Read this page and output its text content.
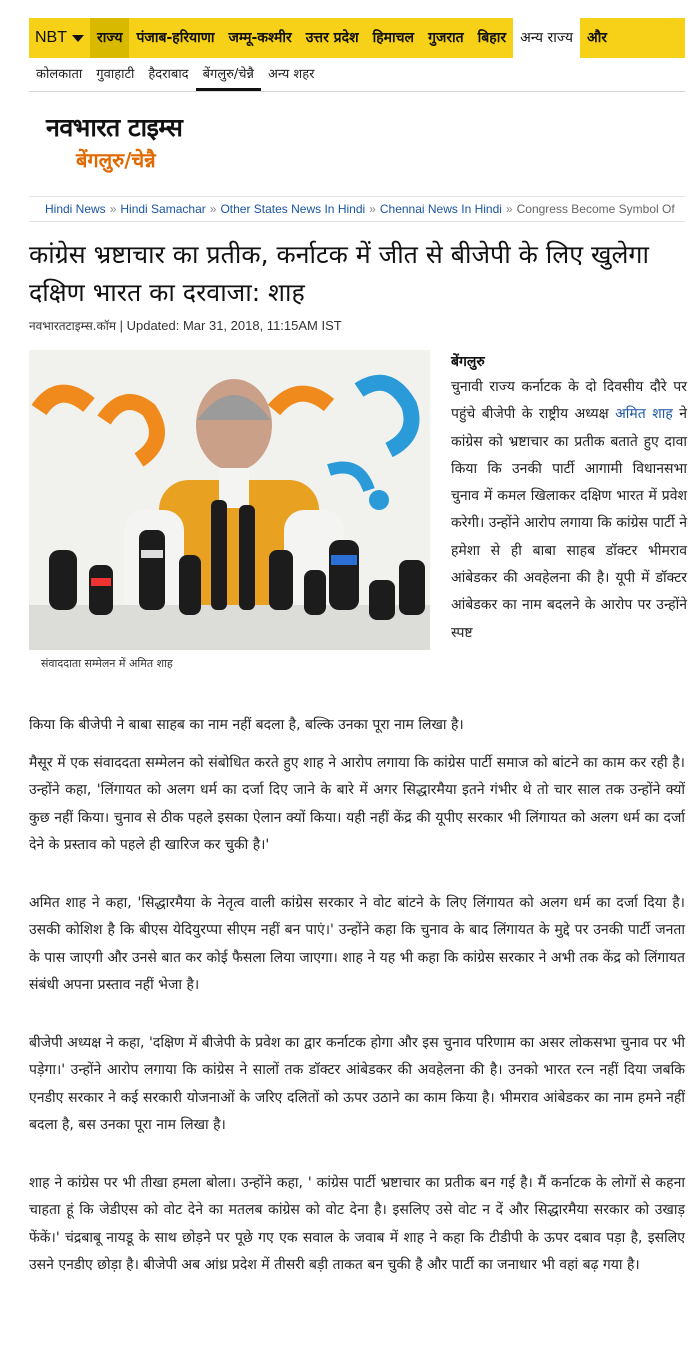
NBT	राज्य	पंजाब-हरियाणा	जम्मू-कश्मीर	उत्तर प्रदेश	हिमाचल	गुजरात	बिहार	अन्य राज्य	और
कोलकाता	गुवाहाटी	हैदराबाद	बेंगलुरु/चेन्नै	अन्य शहर
नवभारत टाइम्स
बेंगलुरु/चेन्नै
Hindi News » Hindi Samachar » Other States News In Hindi » Chennai News In Hindi » Congress Become Symbol Of
कांग्रेस भ्रष्टाचार का प्रतीक, कर्नाटक में जीत से बीजेपी के लिए खुलेगा दक्षिण भारत का दरवाजा: शाह
नवभारतटाइम्स.कॉम | Updated: Mar 31, 2018, 11:15AM IST
संवाददाता सम्मेलन में अमित शाह
बेंगलुरु
चुनावी राज्य कर्नाटक के दो दिवसीय दौरे पर पहुंचे बीजेपी के राष्ट्रीय अध्यक्ष अमित शाह ने कांग्रेस को भ्रष्टाचार का प्रतीक बताते हुए दावा किया कि उनकी पार्टी आगामी विधानसभा चुनाव में कमल खिलाकर दक्षिण भारत में प्रवेश करेगी। उन्होंने आरोप लगाया कि कांग्रेस पार्टी ने हमेशा से ही बाबा साहब डॉक्टर भीमराव आंबेडकर की अवहेलना की है। यूपी में डॉक्टर आंबेडकर का नाम बदलने के आरोप पर उन्होंने स्पष्ट
किया कि बीजेपी ने बाबा साहब का नाम नहीं बदला है, बल्कि उनका पूरा नाम लिखा है।

मैसूर में एक संवाददता सम्मेलन को संबोधित करते हुए शाह ने आरोप लगाया कि कांग्रेस पार्टी समाज को बांटने का काम कर रही है। उन्होंने कहा, 'लिंगायत को अलग धर्म का दर्जा दिए जाने के बारे में अगर सिद्धारमैया इतने गंभीर थे तो चार साल तक उन्होंने क्यों कुछ नहीं किया। चुनाव से ठीक पहले इसका ऐलान क्यों किया। यही नहीं केंद्र की यूपीए सरकार भी लिंगायत को अलग धर्म का दर्जा देने के प्रस्ताव को पहले ही खारिज कर चुकी है।'

अमित शाह ने कहा, 'सिद्धारमैया के नेतृत्व वाली कांग्रेस सरकार ने वोट बांटने के लिए लिंगायत को अलग धर्म का दर्जा दिया है। उसकी कोशिश है कि बीएस येदियुरप्पा सीएम नहीं बन पाएं।' उन्होंने कहा कि चुनाव के बाद लिंगायत के मुद्दे पर उनकी पार्टी जनता के पास जाएगी और उनसे बात कर कोई फैसला लिया जाएगा। शाह ने यह भी कहा कि कांग्रेस सरकार ने अभी तक केंद्र को लिंगायत संबंधी अपना प्रस्ताव नहीं भेजा है।

बीजेपी अध्यक्ष ने कहा, 'दक्षिण में बीजेपी के प्रवेश का द्वार कर्नाटक होगा और इस चुनाव परिणाम का असर लोकसभा चुनाव पर भी पड़ेगा।' उन्होंने आरोप लगाया कि कांग्रेस ने सालों तक डॉक्टर आंबेडकर की अवहेलना की है। उनको भारत रत्न नहीं दिया जबकि एनडीए सरकार ने कई सरकारी योजनाओं के जरिए दलितों को ऊपर उठाने का काम किया है। भीमराव आंबेडकर का नाम हमने नहीं बदला है, बस उनका पूरा नाम लिखा है।

शाह ने कांग्रेस पर भी तीखा हमला बोला। उन्होंने कहा, ' कांग्रेस पार्टी भ्रष्टाचार का प्रतीक बन गई है। मैं कर्नाटक के लोगों से कहना चाहता हूं कि जेडीएस को वोट देने का मतलब कांग्रेस को वोट देना है। इसलिए उसे वोट न दें और सिद्धारमैया सरकार को उखाड़ फेंकें।' चंद्रबाबू नायडू के साथ छोड़ने पर पूछे गए एक सवाल के जवाब में शाह ने कहा कि टीडीपी के ऊपर दबाव पड़ा है, इसलिए उसने एनडीए छोड़ा है। बीजेपी अब आंध्र प्रदेश में तीसरी बड़ी ताकत बन चुकी है और पार्टी का जनाधार भी वहां बढ़ गया है।
